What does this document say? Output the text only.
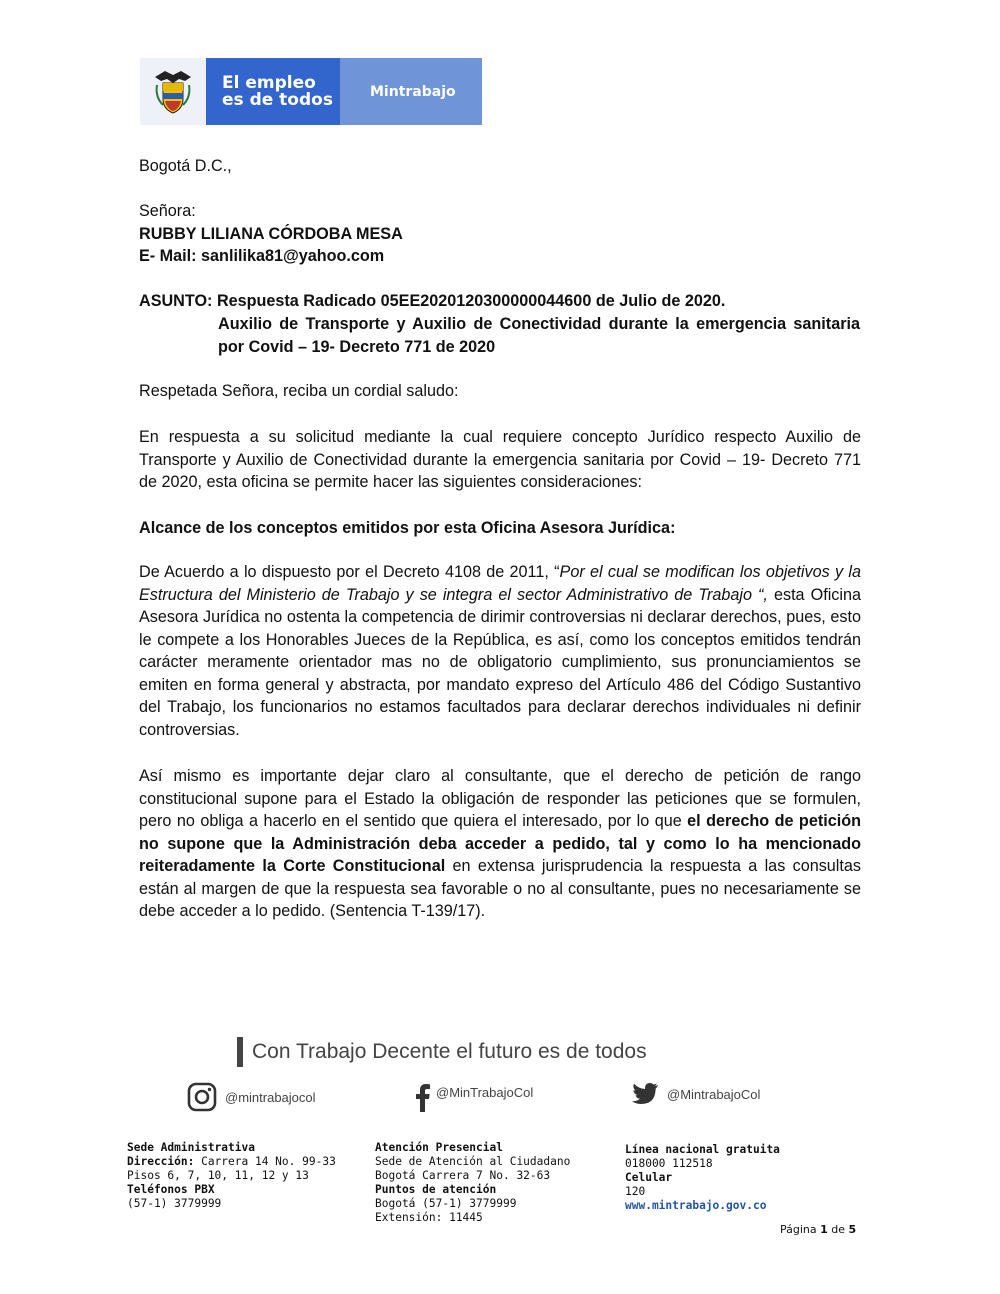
El empleo
es de todos	Mintrabajo
Bogotá D.C.,
Señora:
RUBBY LILIANA CÓRDOBA MESA
E- Mail: sanlilika81@yahoo.com
ASUNTO: Respuesta Radicado 05EE2020120300000044600 de Julio de 2020.
Auxilio de Transporte y Auxilio de Conectividad durante la emergencia sanitaria
por Covid – 19- Decreto 771 de 2020
Respetada Señora, reciba un cordial saludo:
En respuesta a su solicitud mediante la cual requiere concepto Jurídico respecto Auxilio de Transporte y Auxilio de Conectividad durante la emergencia sanitaria por Covid – 19- Decreto 771 de 2020, esta oficina se permite hacer las siguientes consideraciones:
Alcance de los conceptos emitidos por esta Oficina Asesora Jurídica:
De Acuerdo a lo dispuesto por el Decreto 4108 de 2011, “Por el cual se modifican los objetivos y la Estructura del Ministerio de Trabajo y se integra el sector Administrativo de Trabajo “, esta Oficina Asesora Jurídica no ostenta la competencia de dirimir controversias ni declarar derechos, pues, esto le compete a los Honorables Jueces de la República, es así, como los conceptos emitidos tendrán carácter meramente orientador mas no de obligatorio cumplimiento, sus pronunciamientos se emiten en forma general y abstracta, por mandato expreso del Artículo 486 del Código Sustantivo del Trabajo, los funcionarios no estamos facultados para declarar derechos individuales ni definir controversias.
Así mismo es importante dejar claro al consultante, que el derecho de petición de rango constitucional supone para el Estado la obligación de responder las peticiones que se formulen, pero no obliga a hacerlo en el sentido que quiera el interesado, por lo que el derecho de petición no supone que la Administración deba acceder a pedido, tal y como lo ha mencionado reiteradamente la Corte Constitucional en extensa jurisprudencia la respuesta a las consultas están al margen de que la respuesta sea favorable o no al consultante, pues no necesariamente se debe acceder a lo pedido. (Sentencia T-139/17).
Con Trabajo Decente el futuro es de todos
@mintrabajocol	@MinTrabajoCol	@MintrabajoCol
Sede Administrativa
Dirección: Carrera 14 No. 99-33
Pisos 6, 7, 10, 11, 12 y 13
Teléfonos PBX
(57-1) 3779999
Atención Presencial
Sede de Atención al Ciudadano
Bogotá Carrera 7 No. 32-63
Puntos de atención
Bogotá (57-1) 3779999
Extensión: 11445
Línea nacional gratuita
018000 112518
Celular
120
www.mintrabajo.gov.co
Página 1 de 5
